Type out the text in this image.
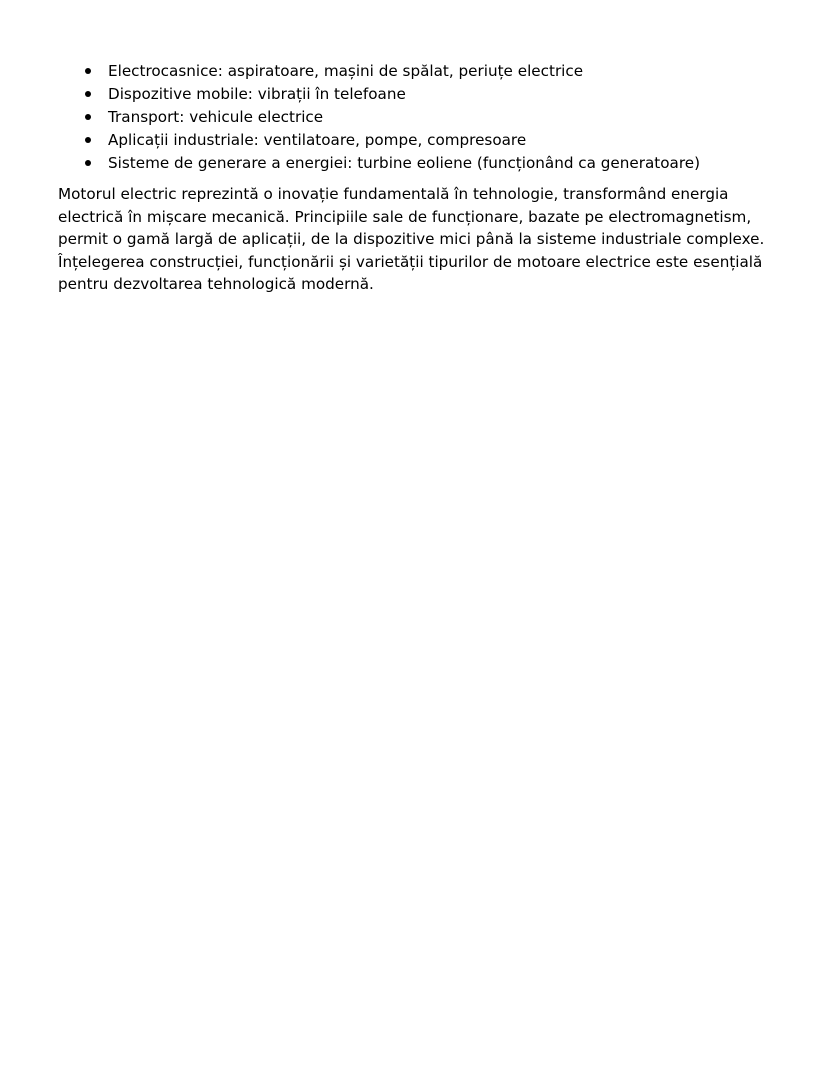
Electrocasnice: aspiratoare, mașini de spălat, periuțe electrice
Dispozitive mobile: vibrații în telefoane
Transport: vehicule electrice
Aplicații industriale: ventilatoare, pompe, compresoare
Sisteme de generare a energiei: turbine eoliene (funcționând ca generatoare)

Motorul electric reprezintă o inovație fundamentală în tehnologie, transformând energia
electrică în mișcare mecanică. Principiile sale de funcționare, bazate pe electromagnetism,
permit o gamă largă de aplicații, de la dispozitive mici până la sisteme industriale complexe.
Înțelegerea construcției, funcționării și varietății tipurilor de motoare electrice este esențială
pentru dezvoltarea tehnologică modernă.
